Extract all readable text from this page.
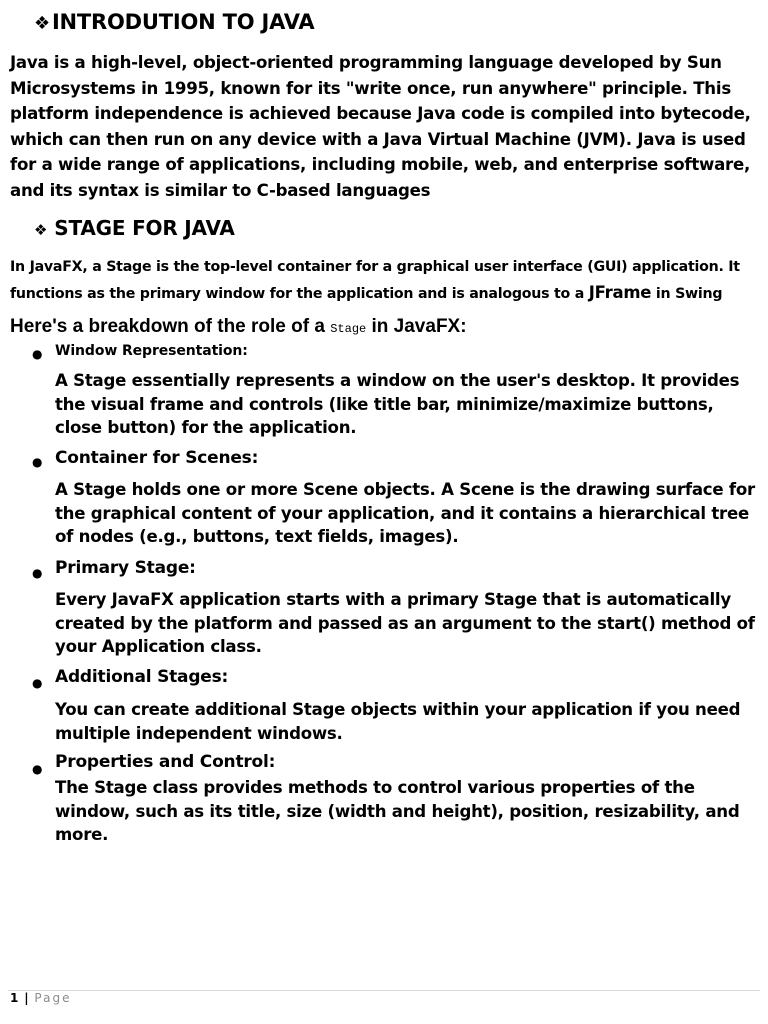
❖INTRODUTION TO JAVA
Java is a high-level, object-oriented programming language developed by Sun Microsystems in 1995, known for its "write once, run anywhere" principle. This platform independence is achieved because Java code is compiled into bytecode, which can then run on any device with a Java Virtual Machine (JVM). Java is used for a wide range of applications, including mobile, web, and enterprise software, and its syntax is similar to C-based languages
❖ STAGE FOR JAVA
In JavaFX, a Stage is the top-level container for a graphical user interface (GUI) application. It functions as the primary window for the application and is analogous to a JFrame in Swing
Here's a breakdown of the role of a Stage in JavaFX:
● Window Representation:
A Stage essentially represents a window on the user's desktop. It provides the visual frame and controls (like title bar, minimize/maximize buttons, close button) for the application.
● Container for Scenes:
A Stage holds one or more Scene objects. A Scene is the drawing surface for the graphical content of your application, and it contains a hierarchical tree of nodes (e.g., buttons, text fields, images).
● Primary Stage:
Every JavaFX application starts with a primary Stage that is automatically created by the platform and passed as an argument to the start() method of
your Application class.
● Additional Stages:
You can create additional Stage objects within your application if you need multiple independent windows.
● Properties and Control:
The Stage class provides methods to control various properties of the window, such as its title, size (width and height), position, resizability, and more.
1 | Page
